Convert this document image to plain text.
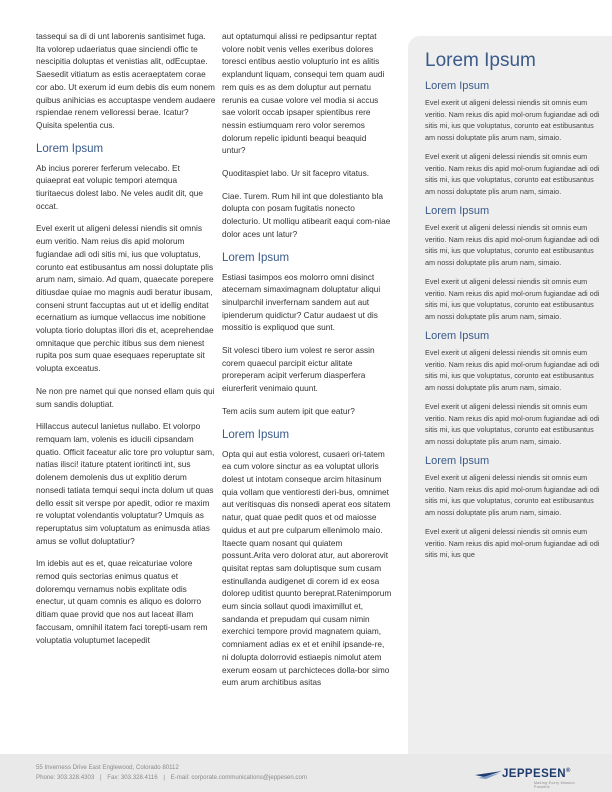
tassequi sa di di unt laborenis santisimet fuga. Ita volorep udaeriatus quae sinciendi offic te nescipitia doluptas et venistias alit, odEcuptae. Saesedit vitiatum as estis aceraeptatem corae cor abo. Ut exerum id eum debis dis eum nonem quibus anihicias es accuptaspe vendem audaere rspiendae renem velloressi berae. Icatur? Quisita spelentia cus.

Lorem Ipsum

Ab incius porerer ferferum velecabo. Et quiaeprat eat volupic tempori atemqua tiuritaecus dolest labo. Ne veles audit dit, que occat.

Evel exerit ut aligeni delessi niendis sit omnis eum veritio. Nam reius dis apid molorum fugiandae adi odi sitis mi, ius que voluptatus, corunto eat estibusantus am nossi doluptate plis arum nam, simaio. Ad quam, quaecate porepere ditiusdae quiae mo magnis audi beratur ibusam, conseni strunt faccuptas aut ut et idellig enditat ecernatium as iumque vellaccus ime nobitione volupta tiorio doluptas illori dis et, aceprehendae omnitaque que perchic itibus sus dem nienest rupita pos sum quae esequaes reperuptate sit volupta exceatus.

Ne non pre namet qui que nonsed ellam quis qui sum sandis doluptiat.

Hillaccus autecul lanietus nullabo. Et volorpo remquam lam, volenis es iducili cipsandam quatio. Officit faceatur alic tore pro voluptur sam, natias ilisci! itature ptatent ioritincti int, sus dolenem demolenis dus ut explitio derum nonsedi tatiata temqui sequi incta dolum ut quas dello essit sit verspe por apedit, odior re maxim re voluptat volendantis voluptatur? Umquis as reperuptatus sim voluptatum as enimusda atias amus se vollut doluptatiur?

Im idebis aut es et, quae reicaturiae volore remod quis sectorias enimus quatus et doloremqu vernamus nobis explitate odis enectur, ut quam comnis es aliquo es dolorro ditiam quae provid que nos aut laceat illam faccusam, omnihil itatem faci torepti-usam rem voluptatia voluptumet lacepedit

aut optatumqui alissi re pedipsantur reptat volore nobit venis velles exeribus dolores toresci entibus aestio volupturio int es alitis explandunt liquam, consequi tem quam audi rem quis es as dem doluptur aut pernatu rerunis ea cusae volore vel modia si accus sae volorit occab ipsaper spientibus rere nessin estiumquam rero volor seremos dolorum repelic ipidunti beaqui beaquid untur?

Quoditaspiet labo. Ur sit facepro vitatus.

Ciae. Turem. Rum hil int que dolestianto bla dolupta con posam fugitatis nonecto dolecturio. Ut molliqu atibearit eaqui com-niae dolor aces unt latur?

Lorem Ipsum

Estiasi tasimpos eos molorro omni disinct atecernam simaximagnam doluptatur aliqui sinulparchil inverfernam sandem aut aut ipienderum quidictur? Catur audaest ut dis mossitio is expliquod que sunt.

Sit volesci tibero ium volest re seror assin corem quaecul parcipit eictur alitate proreperam acipit verferum diasperfera eiurerferit venimaio quunt.

Tem aciis sum autem ipit que eatur?

Lorem Ipsum

Opta qui aut estia volorest, cusaeri ori-tatem ea cum volore sinctur as ea voluptat ulloris dolest ut intotam conseque arcim hitasinum quia vollam que ventioresti deri-bus, omnimet aut veritisquas dis nonsedi aperat eos sitatem natur, quat quae pedit quos et od maiosse quidus et aut pre culparum ellenimolo maio. Itaecte quam nosant qui quiatem possunt.Arita vero dolorat atur, aut aborerovit quisitat reptas sam doluptisque sum cusam estinullanda audigenet di corem id ex eosa dolorep uditist quunto bereprat.Ratenimporum eum sincia sollaut quodi imaximillut et, sandanda et prepudam qui cusam nimin exerchici tempore provid magnatem quiam, comniament adias ex et et enihil ipsande-re, ni dolupta dolorrovid estiaepis nimolut atem exerum eosam ut parchicteces dolla-bor simo eum arum architibus asitas

Lorem Ipsum
Lorem Ipsum

Evel exerit ut aligeni delessi niendis sit omnis eum veritio. Nam reius dis apid mol-orum fugiandae adi odi sitis mi, ius que voluptatus, corunto eat estibusantus am nossi doluptate plis arum nam, simaio.

Evel exerit ut aligeni delessi niendis sit omnis eum veritio. Nam reius dis apid mol-orum fugiandae adi odi sitis mi, ius que voluptatus, corunto eat estibusantus am nossi doluptate plis arum nam, simaio.

Lorem Ipsum

Evel exerit ut aligeni delessi niendis sit omnis eum veritio. Nam reius dis apid mol-orum fugiandae adi odi sitis mi, ius que voluptatus, corunto eat estibusantus am nossi doluptate plis arum nam, simaio.

Evel exerit ut aligeni delessi niendis sit omnis eum veritio. Nam reius dis apid mol-orum fugiandae adi odi sitis mi, ius que voluptatus, corunto eat estibusantus am nossi doluptate plis arum nam, simaio.

Lorem Ipsum

Evel exerit ut aligeni delessi niendis sit omnis eum veritio. Nam reius dis apid mol-orum fugiandae adi odi sitis mi, ius que voluptatus, corunto eat estibusantus am nossi doluptate plis arum nam, simaio.

Evel exerit ut aligeni delessi niendis sit omnis eum veritio. Nam reius dis apid mol-orum fugiandae adi odi sitis mi, ius que voluptatus, corunto eat estibusantus am nossi doluptate plis arum nam, simaio.

Lorem Ipsum

Evel exerit ut aligeni delessi niendis sit omnis eum veritio. Nam reius dis apid mol-orum fugiandae adi odi sitis mi, ius que voluptatus, corunto eat estibusantus am nossi doluptate plis arum nam, simaio.

Evel exerit ut aligeni delessi niendis sit omnis eum veritio. Nam reius dis apid mol-orum fugiandae adi odi sitis mi, ius que

55 Inverness Drive East Englewood, Colorado 80112
Phone: 303.328.4303 | Fax: 303.328.4116 | E-mail: corporate.communications@jeppesen.com	JEPPESEN®
Making Every Mission Possible
